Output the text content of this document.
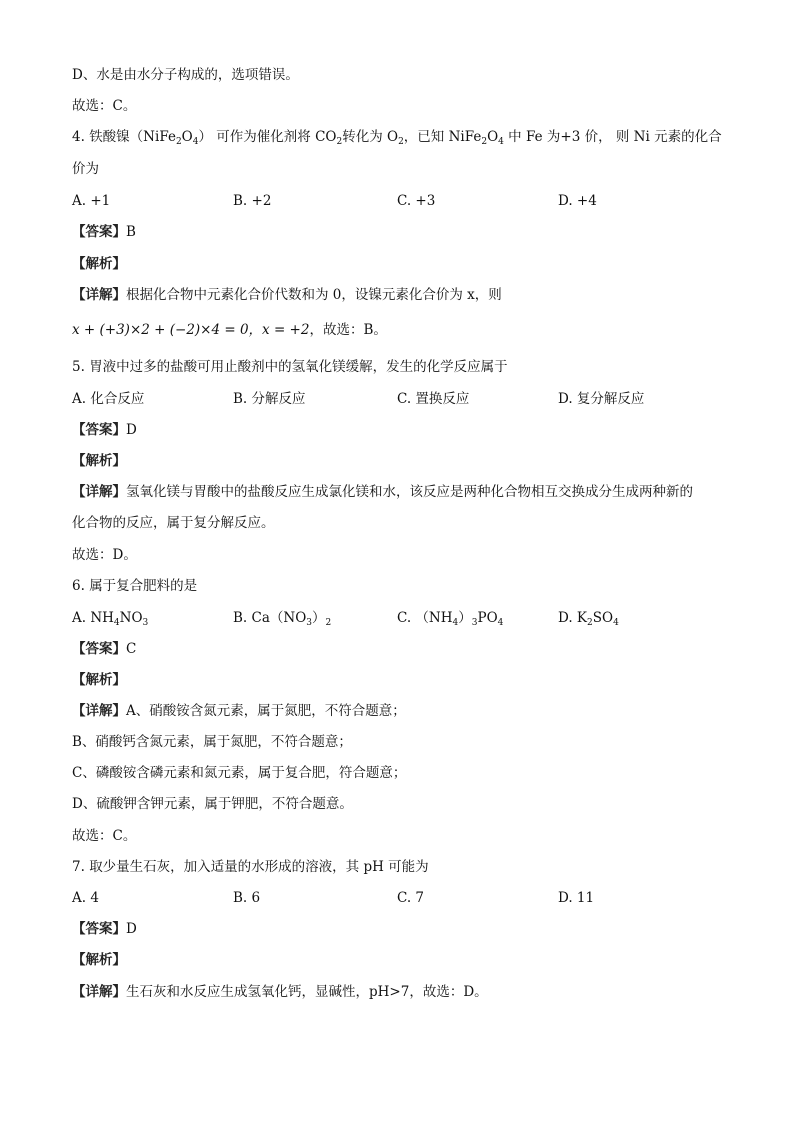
D、水是由水分子构成的，选项错误。
故选：C。
4. 铁酸镍$(NiFe_2O_4)$ 可作为催化剂将 $CO_2$转化为 $O_2$，已知 $NiFe_2O_4$ 中 Fe 为+3 价， 则 Ni 元素的化合
价为
A. +1	B. +2	C. +3	D. +4
【答案】B
【解析】
【详解】根据化合物中元素化合价代数和为 0，设镍元素化合价为 x，则
x + (+3)×2 + (−2)×4 = 0，x = +2，故选：B。
5. 胃液中过多的盐酸可用止酸剂中的氢氧化镁缓解，发生的化学反应属于
A. 化合反应	B. 分解反应	C. 置换反应	D. 复分解反应
【答案】D
【解析】
【详解】氢氧化镁与胃酸中的盐酸反应生成氯化镁和水，该反应是两种化合物相互交换成分生成两种新的
化合物的反应，属于复分解反应。
故选：D。
6. 属于复合肥料的是
A. $NH_4NO_3$	B. $Ca(NO_3)_2$	C. $(NH_4)_3PO_4$	D. $K_2SO_4$
【答案】C
【解析】
【详解】A、硝酸铵含氮元素，属于氮肥，不符合题意；
B、硝酸钙含氮元素，属于氮肥，不符合题意；
C、磷酸铵含磷元素和氮元素，属于复合肥，符合题意；
D、硫酸钾含钾元素，属于钾肥，不符合题意。
故选：C。
7. 取少量生石灰，加入适量的水形成的溶液，其 pH 可能为
A. 4	B. 6	C. 7	D. 11
【答案】D
【解析】
【详解】生石灰和水反应生成氢氧化钙，显碱性，pH>7，故选：D。
